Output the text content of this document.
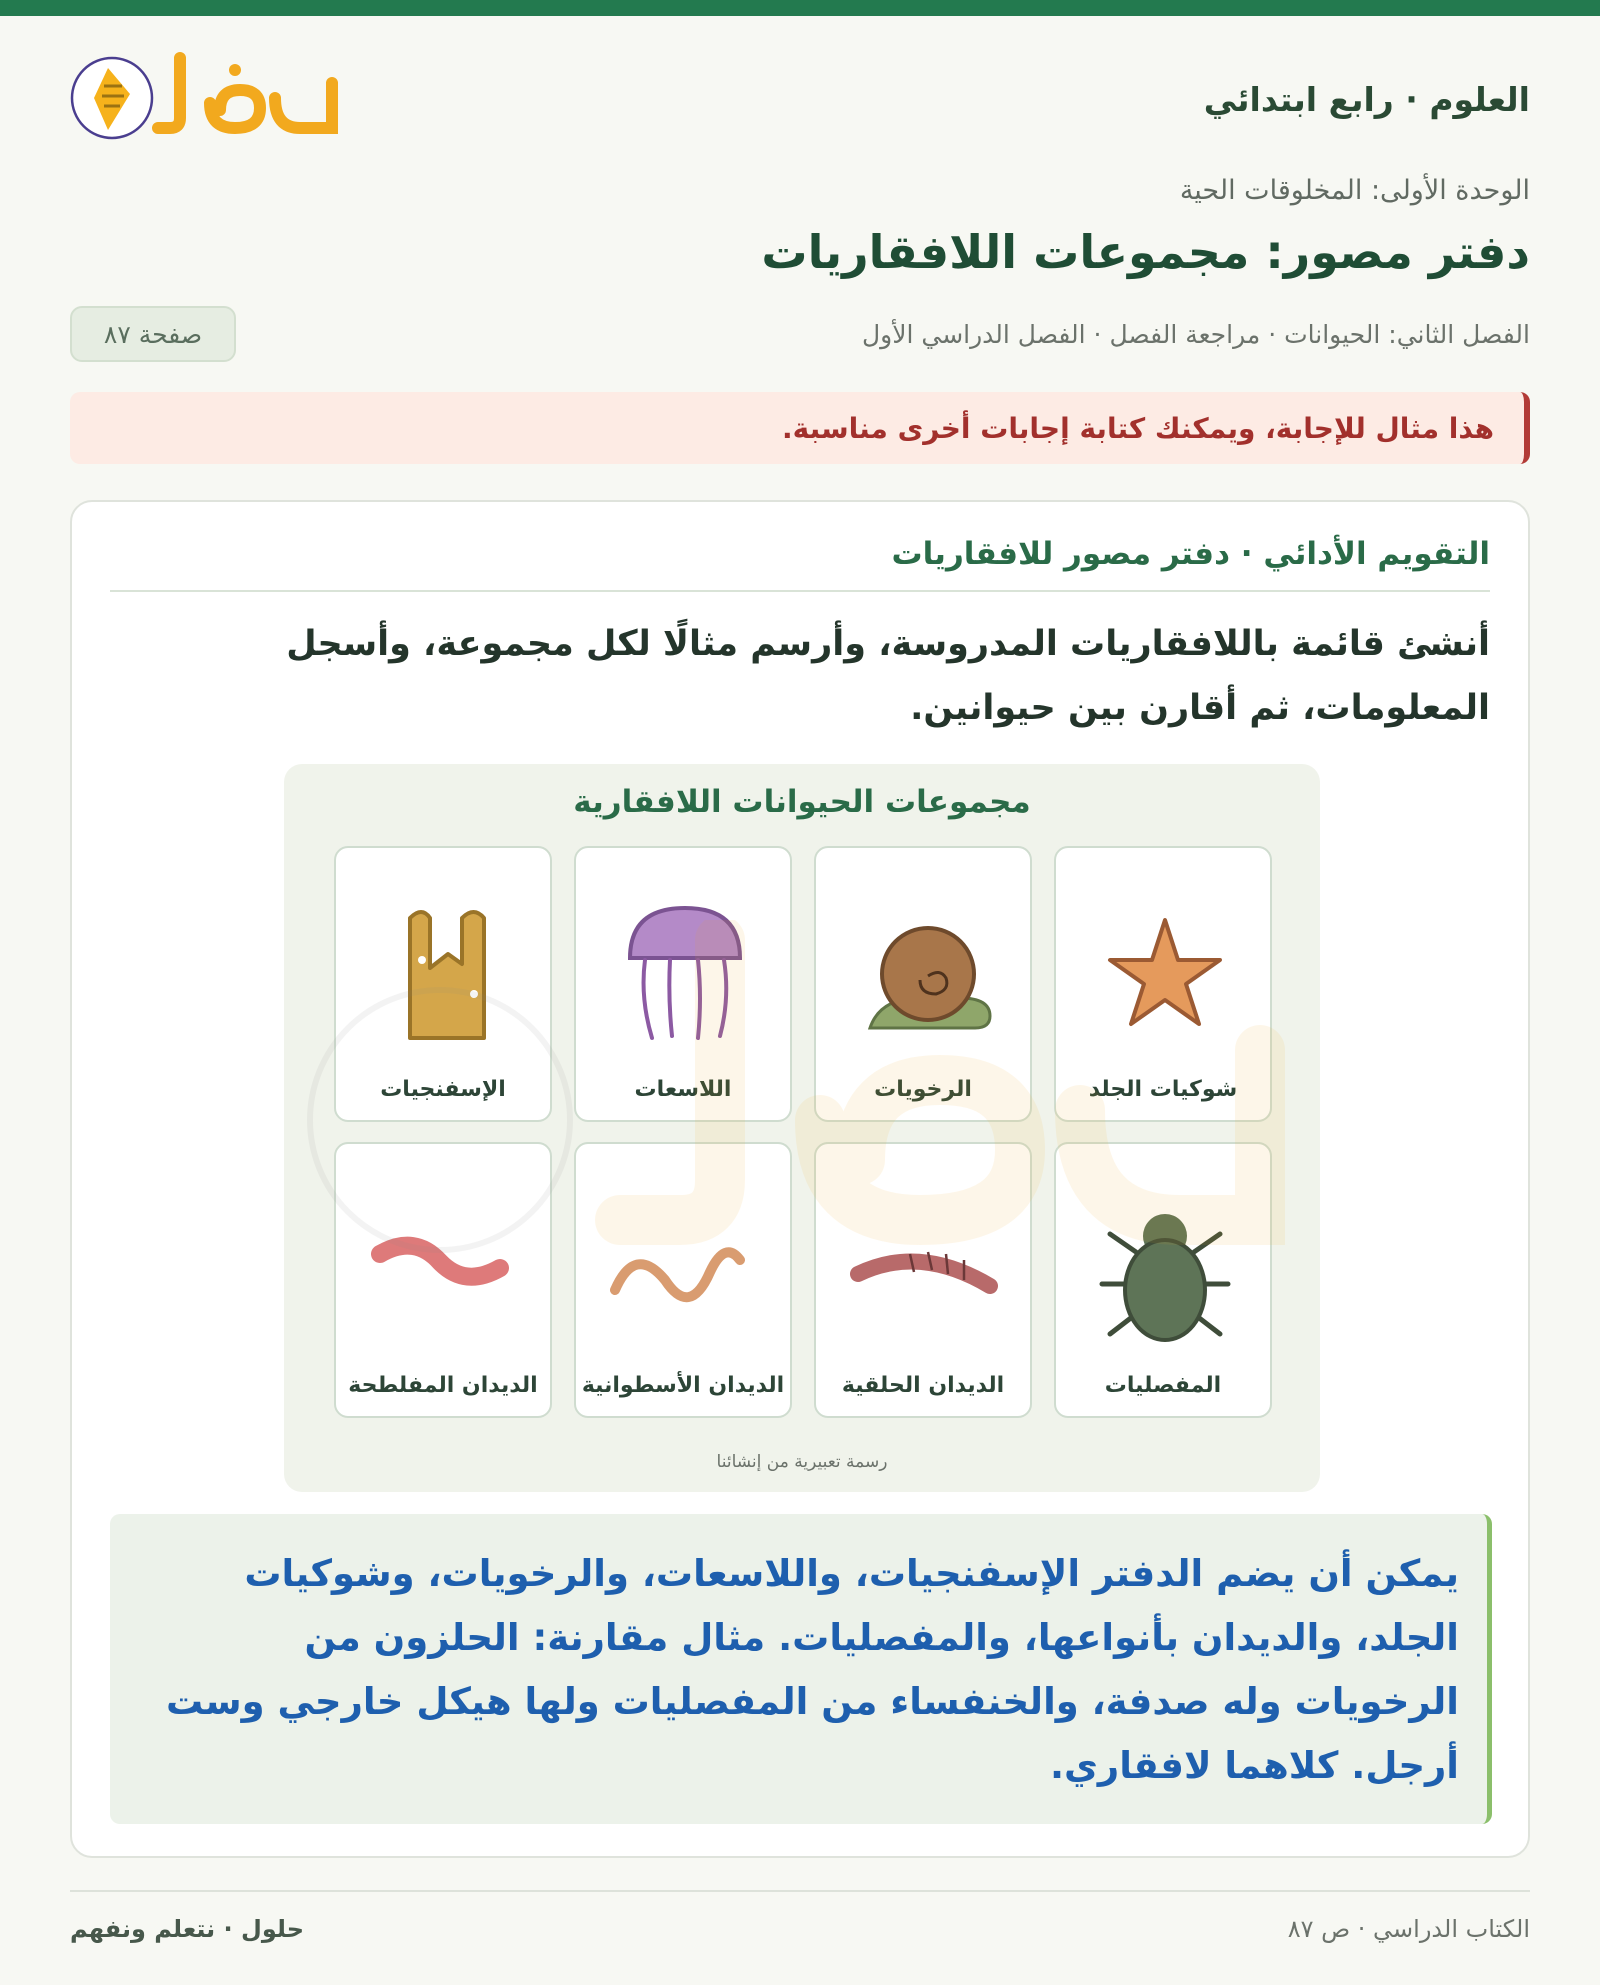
العلوم · رابع ابتدائي
الوحدة الأولى: المخلوقات الحية
دفتر مصور: مجموعات اللافقاريات
الفصل الثاني: الحيوانات · مراجعة الفصل · الفصل الدراسي الأول
صفحة ٨٧
هذا مثال للإجابة، ويمكنك كتابة إجابات أخرى مناسبة.
التقويم الأدائي · دفتر مصور للافقاريات
أنشئ قائمة باللافقاريات المدروسة، وأرسم مثالًا لكل مجموعة، وأسجل المعلومات، ثم أقارن بين حيوانين.
مجموعات الحيوانات اللافقارية
شوكيات الجلد
الرخويات
اللاسعات
الإسفنجيات
المفصليات
الديدان الحلقية
الديدان الأسطوانية
الديدان المفلطحة
رسمة تعبيرية من إنشائنا
يمكن أن يضم الدفتر الإسفنجيات، واللاسعات، والرخويات، وشوكيات الجلد، والديدان بأنواعها، والمفصليات. مثال مقارنة: الحلزون من الرخويات وله صدفة، والخنفساء من المفصليات ولها هيكل خارجي وست أرجل. كلاهما لافقاري.
الكتاب الدراسي · ص ٨٧
حلول · نتعلم ونفهم
